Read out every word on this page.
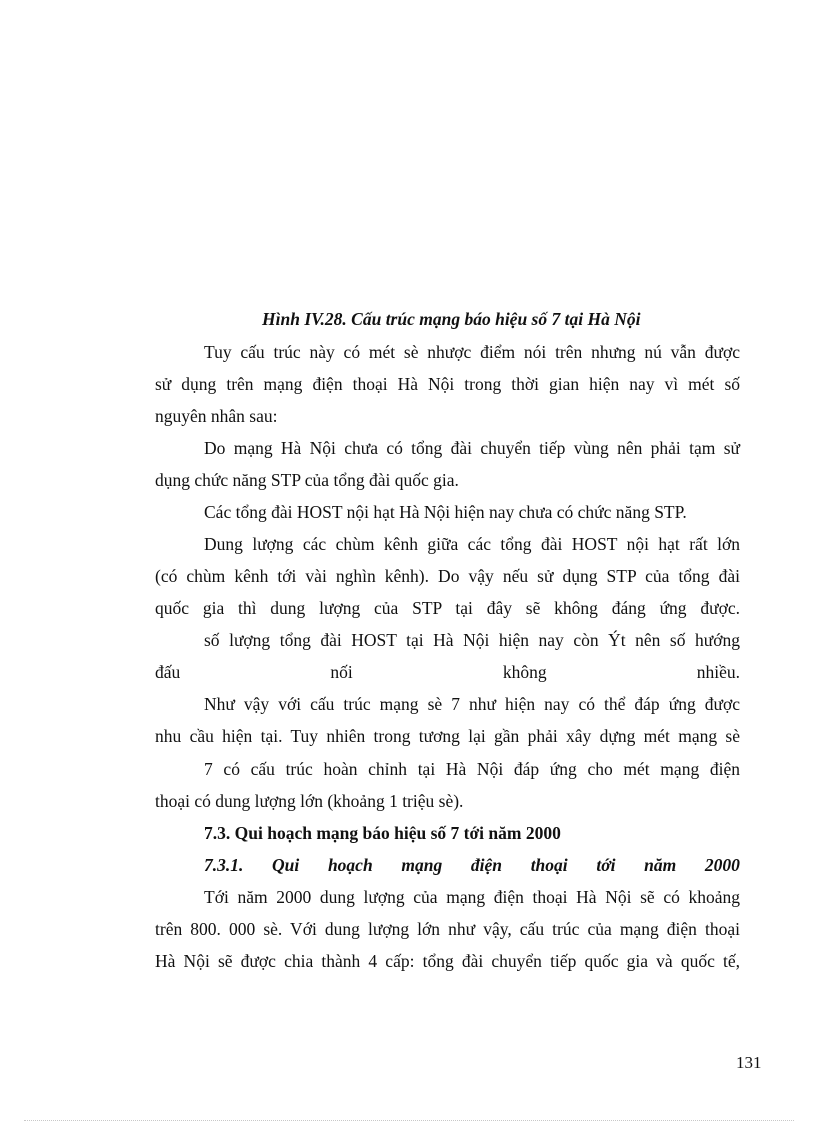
Hình IV.28. Cấu trúc mạng báo hiệu số 7 tại Hà Nội
Tuy cấu trúc này có mét sè nhược điểm nói trên nhưng nú vẫn được
sử dụng trên mạng điện thoại Hà Nội trong thời gian hiện nay vì mét số
nguyên nhân sau:
Do mạng Hà Nội chưa có tổng đài chuyển tiếp vùng nên phải tạm sử
dụng chức năng STP của tổng đài quốc gia.
Các tổng đài HOST nội hạt Hà Nội hiện nay chưa có chức năng STP.
Dung lượng các chùm kênh giữa các tổng đài HOST nội hạt rất lớn
(có chùm kênh tới vài nghìn kênh). Do vậy nếu sử dụng STP của tổng đài
quốc gia thì dung lượng của STP tại đây sẽ không đáng ứng được.
số lượng tổng đài HOST tại Hà Nội hiện nay còn Ýt nên số hướng
đấu	nối	không	nhiều.
Như vậy với cấu trúc mạng sè 7 như hiện nay có thể đáp ứng được
nhu cầu hiện tại. Tuy nhiên trong tương lại gần phải xây dựng mét mạng sè
7 có cấu trúc hoàn chỉnh tại Hà Nội đáp ứng cho mét mạng điện
thoại có dung lượng lớn (khoảng 1 triệu sè).
7.3. Qui hoạch mạng báo hiệu số 7 tới năm 2000
7.3.1. Qui hoạch mạng điện thoại tới năm 2000
Tới năm 2000 dung lượng của mạng điện thoại Hà Nội sẽ có khoảng
trên 800. 000 sè. Với dung lượng lớn như vậy, cấu trúc của mạng điện thoại
Hà Nội sẽ được chia thành 4 cấp: tổng đài chuyển tiếp quốc gia và quốc tế,
131
